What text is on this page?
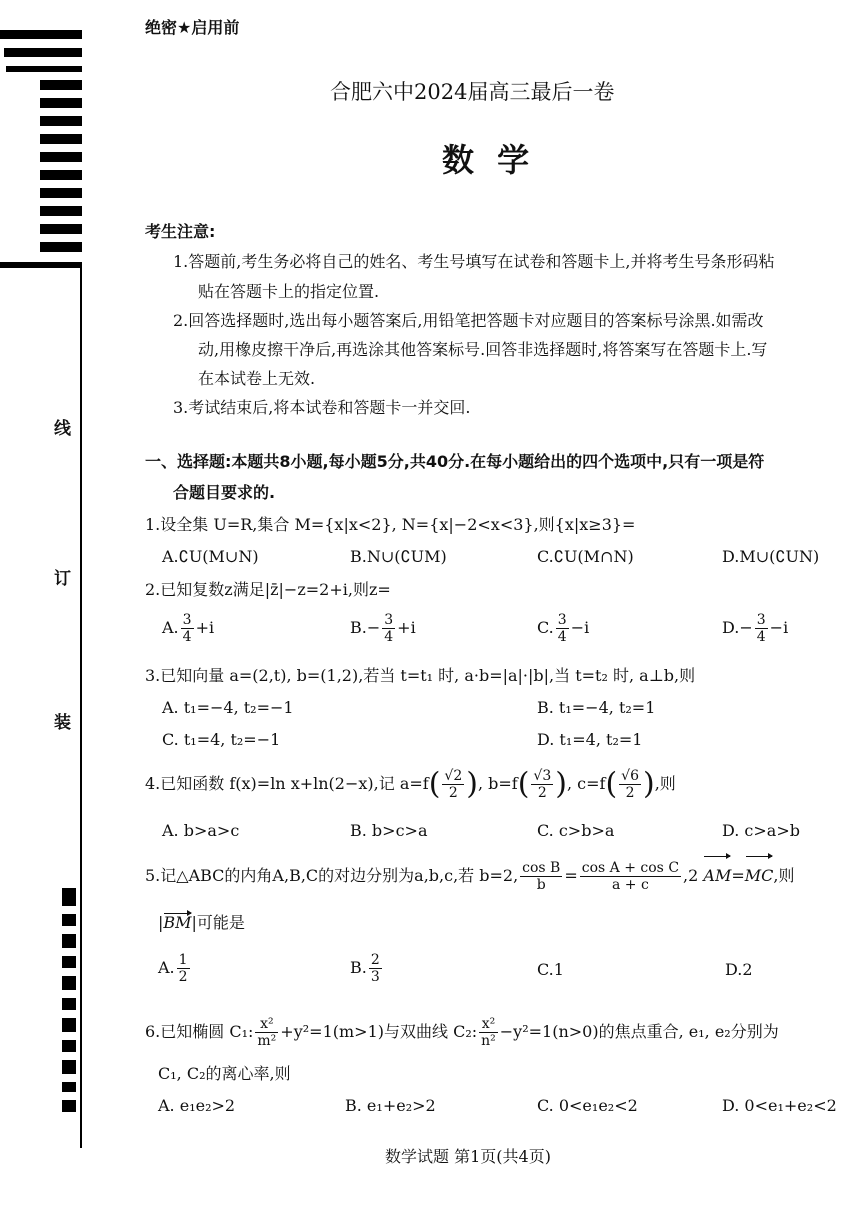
线
订
装
绝密★启用前
合肥六中2024届高三最后一卷
数 学
考生注意:
1.答题前,考生务必将自己的姓名、考生号填写在试卷和答题卡上,并将考生号条形码粘
贴在答题卡上的指定位置.
2.回答选择题时,选出每小题答案后,用铅笔把答题卡对应题目的答案标号涂黑.如需改
动,用橡皮擦干净后,再选涂其他答案标号.回答非选择题时,将答案写在答题卡上.写
在本试卷上无效.
3.考试结束后,将本试卷和答题卡一并交回.
一、选择题:本题共8小题,每小题5分,共40分.在每小题给出的四个选项中,只有一项是符
合题目要求的.
1.设全集 U=R,集合 M={x|x<2}, N={x|−2<x<3},则{x|x≥3}=
A.∁U(M∪N)	B.N∪(∁UM)	C.∁U(M∩N)	D.M∪(∁UN)
2.已知复数z满足|z̄|−z=2+i,则z=
A. $\frac{3}{4} +i$	$B.- \frac{3}{4} +i$	C. $\frac{3}{4} -i$	$D.- \frac{3}{4} -i$
3.已知向量 a=(2,t), b=(1,2),若当 t=t₁ 时, a·b=|a|·|b|,当 t=t₂ 时, a⊥b,则
A. t₁=−4, t₂=−1	B. t₁=−4, t₂=1
C. t₁=4, t₂=−1	D. t₁=4, t₂=1
4.已知函数 f(x)=ln x+ln(2−x),记 $a=f( \frac{√2}{2}$ ), $b=f( \frac{√3}{2}$ ), $c=f( \frac{√6}{2}$ ),则
A. b>a>c	B. b>c>a	C. c>b>a	D. c>a>b
5.记△ABC的内角A,B,C的对边分别为a,b,c,若 b=2, $\frac{\text{cos B}}{b} = \frac{\text{cos A + cos C}}{a + c} ,2$ AM=MC,则
|BM|可能是
A. $\frac{1}{2}$	B. $\frac{2}{3}$	C.1	D.2
6.已知椭圆 C₁: $\frac{\text{x²}}{\text{m²}} +y^2=1(m>1)$与双曲线 C₂: $\frac{\text{x²}}{\text{n²}} -y^2=1(n>0)$的焦点重合, e₁, e₂分别为
C₁, C₂的离心率,则
A. e₁e₂>2	B. e₁+e₂>2	C. 0<e₁e₂<2	D. 0<e₁+e₂<2
数学试题 第1页(共4页)
